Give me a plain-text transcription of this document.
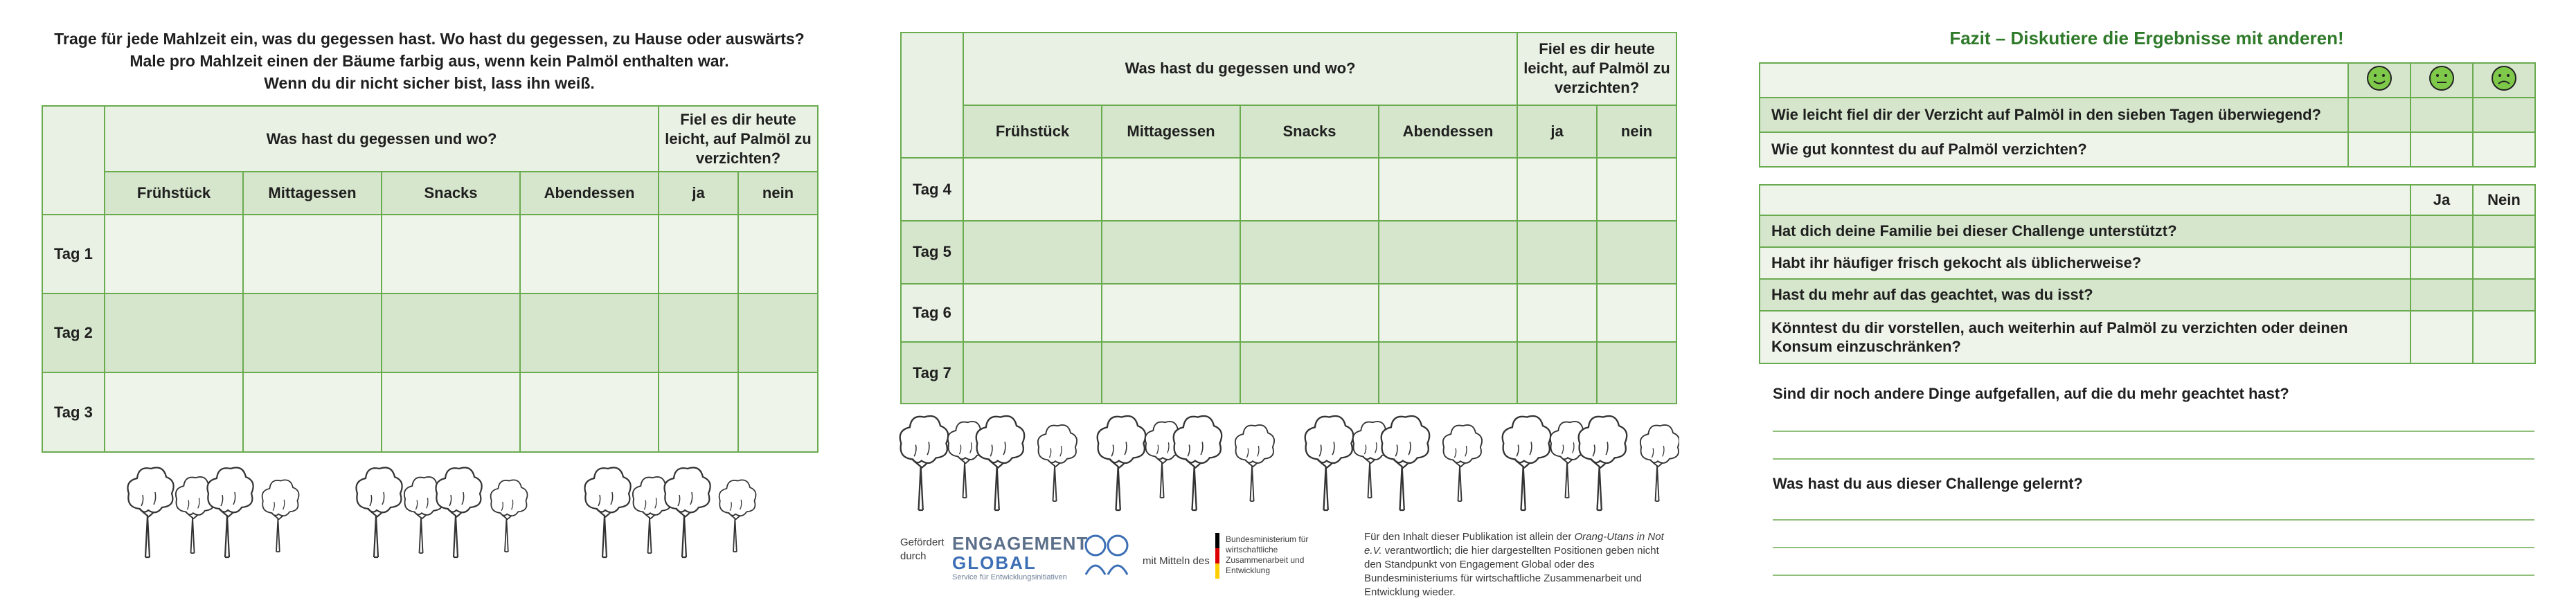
Trage für jede Mahlzeit ein, was du gegessen hast. Wo hast du gegessen, zu Hause oder auswärts?
Male pro Mahlzeit einen der Bäume farbig aus, wenn kein Palmöl enthalten war.
Wenn du dir nicht sicher bist, lass ihn weiß.
	Was hast du gegessen und wo?				Fiel es dir heute leicht, auf Palmöl zu verzichten?	
	Frühstück	Mittagessen	Snacks	Abendessen	ja	nein
Tag 1						
Tag 2						
Tag 3						
	Was hast du gegessen und wo?				Fiel es dir heute leicht, auf Palmöl zu verzichten?	
	Frühstück	Mittagessen	Snacks	Abendessen	ja	nein
Tag 4						
Tag 5						
Tag 6						
Tag 7						
Gefördert durch
ENGAGEMENT
GLOBAL
Service für Entwicklungsinitiativen
mit Mitteln des
Bundesministerium für wirtschaftliche Zusammenarbeit und Entwicklung
Für den Inhalt dieser Publikation ist allein der Orang-Utans in Not e.V. verantwortlich; die hier dargestellten Positionen geben nicht den Standpunkt von Engagement Global oder des Bundesministeriums für wirtschaftliche Zusammenarbeit und Entwicklung wieder.
Fazit – Diskutiere die Ergebnisse mit anderen!

Wie leicht fiel dir der Verzicht auf Palmöl in den sieben Tagen überwiegend?			
Wie gut konntest du auf Palmöl verzichten?			
	Ja	Nein
Hat dich deine Familie bei dieser Challenge unterstützt?		
Habt ihr häufiger frisch gekocht als üblicherweise?		
Hast du mehr auf das geachtet, was du isst?		
Könntest du dir vorstellen, auch weiterhin auf Palmöl zu verzichten oder deinen Konsum einzuschränken?		
Sind dir noch andere Dinge aufgefallen, auf die du mehr geachtet hast?
Was hast du aus dieser Challenge gelernt?
